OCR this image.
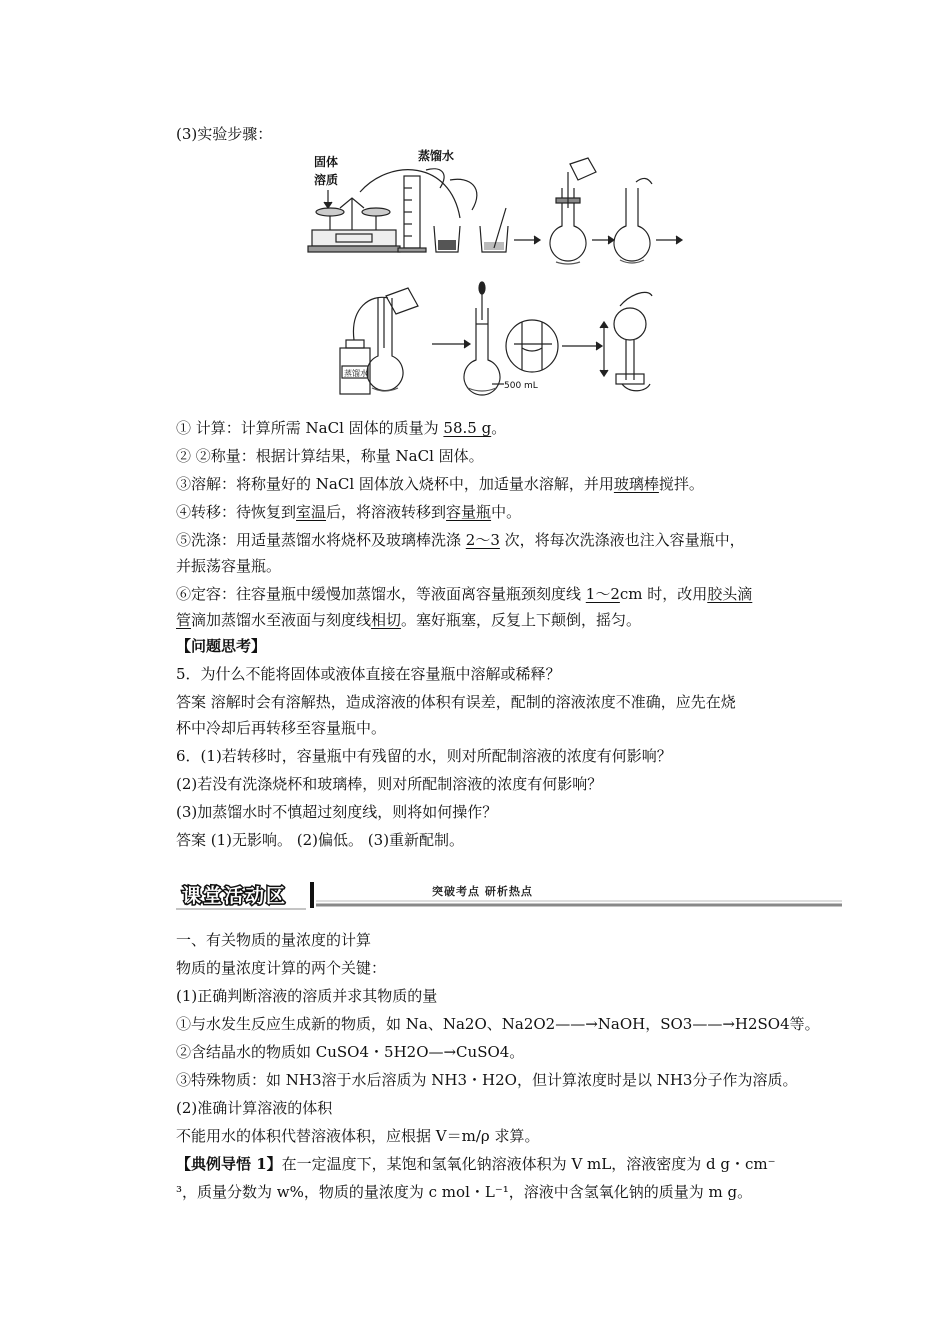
(3)实验步骤：
固体
溶质
蒸馏水
蒸馏水
500 mL
① 计算：计算所需 NaCl 固体的质量为 58.5 g。
② ②称量：根据计算结果，称量 NaCl 固体。
③溶解：将称量好的 NaCl 固体放入烧杯中，加适量水溶解，并用玻璃棒搅拌。
④转移：待恢复到室温后，将溶液转移到容量瓶中。
⑤洗涤：用适量蒸馏水将烧杯及玻璃棒洗涤 2～3 次，将每次洗涤液也注入容量瓶中，
并振荡容量瓶。
⑥定容：往容量瓶中缓慢加蒸馏水，等液面离容量瓶颈刻度线 1～2cm 时，改用胶头滴
管滴加蒸馏水至液面与刻度线相切。塞好瓶塞，反复上下颠倒，摇匀。
【问题思考】
5．为什么不能将固体或液体直接在容量瓶中溶解或稀释？
答案 溶解时会有溶解热，造成溶液的体积有误差，配制的溶液浓度不准确，应先在烧
杯中冷却后再转移至容量瓶中。
6．(1)若转移时，容量瓶中有残留的水，则对所配制溶液的浓度有何影响？
(2)若没有洗涤烧杯和玻璃棒，则对所配制溶液的浓度有何影响？
(3)加蒸馏水时不慎超过刻度线，则将如何操作？
答案 (1)无影响。 (2)偏低。 (3)重新配制。
课堂活动区	突破考点 研析热点
一、有关物质的量浓度的计算
物质的量浓度计算的两个关键：
(1)正确判断溶液的溶质并求其物质的量
①与水发生反应生成新的物质，如 Na、Na2O、Na2O2——→NaOH，SO3——→H2SO4等。
②含结晶水的物质如 CuSO4・5H2O—→CuSO4。
③特殊物质：如 NH3溶于水后溶质为 NH3・H2O，但计算浓度时是以 NH3分子作为溶质。
(2)准确计算溶液的体积
不能用水的体积代替溶液体积，应根据 V＝m/ρ 求算。
【典例导悟 1】在一定温度下，某饱和氢氧化钠溶液体积为 V mL，溶液密度为 d g・cm⁻
³，质量分数为 w%，物质的量浓度为 c mol・L⁻¹，溶液中含氢氧化钠的质量为 m g。
